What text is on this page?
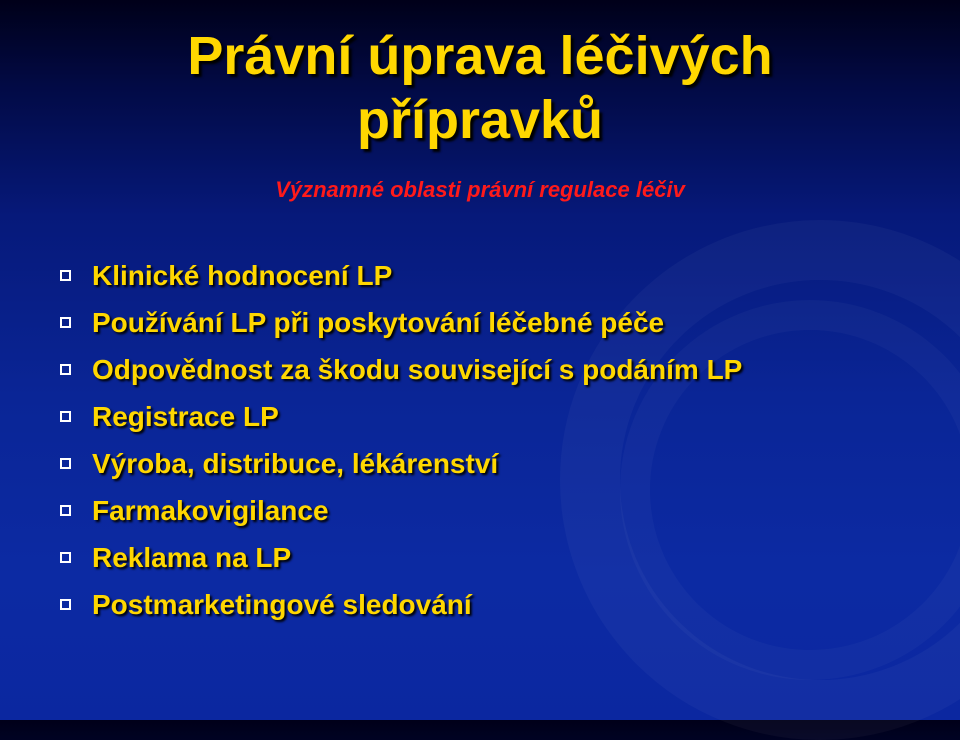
Právní úprava léčivých
přípravků
Významné oblasti právní regulace léčiv
Klinické hodnocení LP
Používání LP při poskytování léčebné péče
Odpovědnost za škodu související s podáním LP
Registrace LP
Výroba, distribuce, lékárenství
Farmakovigilance
Reklama na LP
Postmarketingové sledování
